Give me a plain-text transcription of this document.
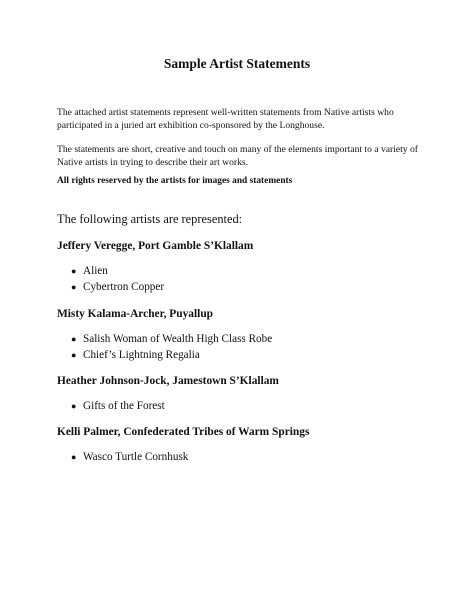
Sample Artist Statements

The attached artist statements represent well-written statements from Native artists who participated in a juried art exhibition co-sponsored by the Longhouse.

The statements are short, creative and touch on many of the elements important to a variety of Native artists in trying to describe their art works.

All rights reserved by the artists for images and statements

The following artists are represented:

Jeffery Veregge, Port Gamble S’Klallam
● Alien
● Cybertron Copper
Misty Kalama-Archer, Puyallup
● Salish Woman of Wealth High Class Robe
● Chief’s Lightning Regalia
Heather Johnson-Jock, Jamestown S’Klallam
● Gifts of the Forest
Kelli Palmer, Confederated Tribes of Warm Springs
● Wasco Turtle Cornhusk
